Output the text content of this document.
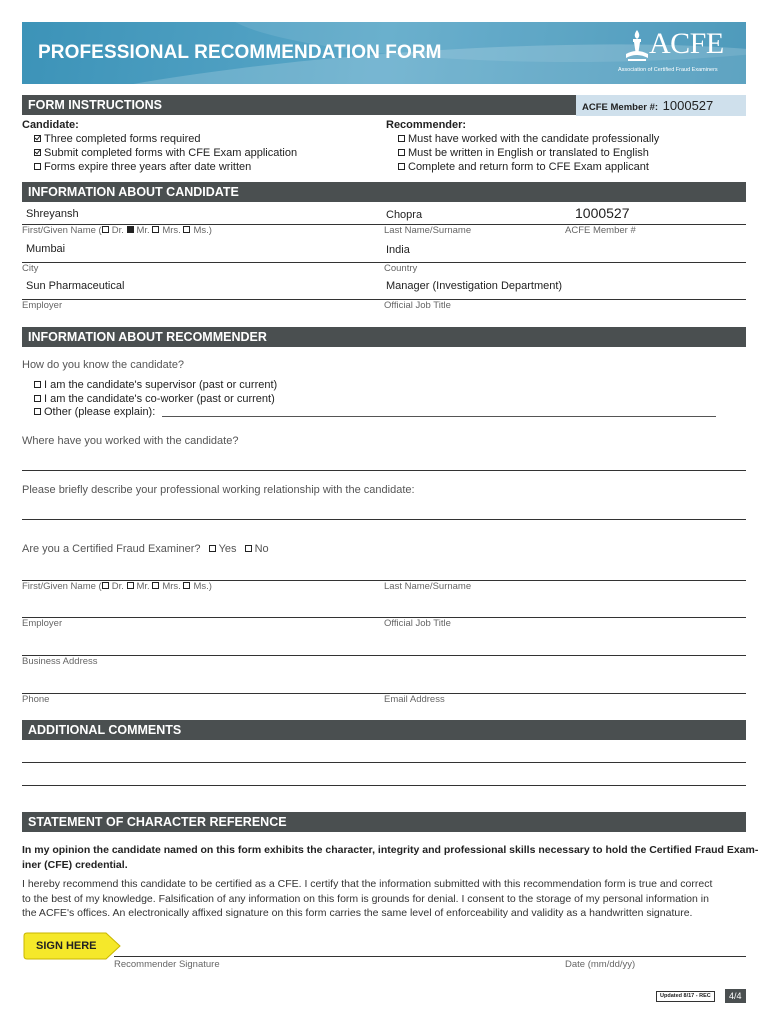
PROFESSIONAL RECOMMENDATION FORM	ACFE
Association of Certified Fraud Examiners
FORM INSTRUCTIONS	ACFE Member #: 1000527
Candidate:
Three completed forms required
Submit completed forms with CFE Exam application
Forms expire three years after date written
Recommender:
Must have worked with the candidate professionally
Must be written in English or translated to English
Complete and return form to CFE Exam applicant
INFORMATION ABOUT CANDIDATE
Shreyansh	Chopra	1000527
First/Given Name ( Dr. Mr. Mrs. Ms.)	Last Name/Surname	ACFE Member #
Mumbai	India
City	Country
Sun Pharmaceutical	Manager (Investigation Department)
Employer	Official Job Title
INFORMATION ABOUT RECOMMENDER
How do you know the candidate?
I am the candidate's supervisor (past or current)
I am the candidate's co-worker (past or current)
Other (please explain):
Where have you worked with the candidate?
Please briefly describe your professional working relationship with the candidate:
Are you a Certified Fraud Examiner? Yes No
First/Given Name ( Dr. Mr. Mrs. Ms.)	Last Name/Surname
Employer	Official Job Title
Business Address
Phone	Email Address
ADDITIONAL COMMENTS
STATEMENT OF CHARACTER REFERENCE
In my opinion the candidate named on this form exhibits the character, integrity and professional skills necessary to hold the Certified Fraud Exam-
iner (CFE) credential.
I hereby recommend this candidate to be certified as a CFE. I certify that the information submitted with this recommendation form is true and correct
to the best of my knowledge. Falsification of any information on this form is grounds for denial. I consent to the storage of my personal information in
the ACFE's offices. An electronically affixed signature on this form carries the same level of enforceability and validity as a handwritten signature.
SIGN HERE
Recommender Signature	Date (mm/dd/yy)
Updated 8/17 - REC	4/4
